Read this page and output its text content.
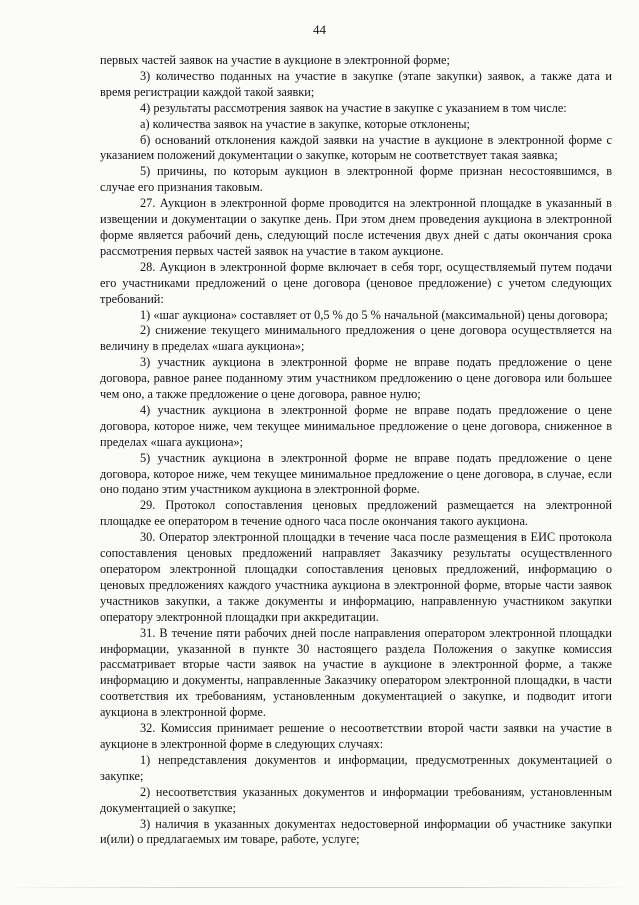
44

первых частей заявок на участие в аукционе в электронной форме;

3) количество поданных на участие в закупке (этапе закупки) заявок, а также дата и время регистрации каждой такой заявки;

4) результаты рассмотрения заявок на участие в закупке с указанием в том числе:

а) количества заявок на участие в закупке, которые отклонены;

б) оснований отклонения каждой заявки на участие в аукционе в электронной форме с указанием положений документации о закупке, которым не соответствует такая заявка;

5) причины, по которым аукцион в электронной форме признан несостоявшимся, в случае его признания таковым.

27. Аукцион в электронной форме проводится на электронной площадке в указанный в извещении и документации о закупке день. При этом днем проведения аукциона в электронной форме является рабочий день, следующий после истечения двух дней с даты окончания срока рассмотрения первых частей заявок на участие в таком аукционе.

28. Аукцион в электронной форме включает в себя торг, осуществляемый путем подачи его участниками предложений о цене договора (ценовое предложение) с учетом следующих требований:

1) «шаг аукциона» составляет от 0,5 % до 5 % начальной (максимальной) цены договора;

2) снижение текущего минимального предложения о цене договора осуществляется на величину в пределах «шага аукциона»;

3) участник аукциона в электронной форме не вправе подать предложение о цене договора, равное ранее поданному этим участником предложению о цене договора или большее чем оно, а также предложение о цене договора, равное нулю;

4) участник аукциона в электронной форме не вправе подать предложение о цене договора, которое ниже, чем текущее минимальное предложение о цене договора, сниженное в пределах «шага аукциона»;

5) участник аукциона в электронной форме не вправе подать предложение о цене договора, которое ниже, чем текущее минимальное предложение о цене договора, в случае, если оно подано этим участником аукциона в электронной форме.

29. Протокол сопоставления ценовых предложений размещается на электронной площадке ее оператором в течение одного часа после окончания такого аукциона.

30. Оператор электронной площадки в течение часа после размещения в ЕИС протокола сопоставления ценовых предложений направляет Заказчику результаты осуществленного оператором электронной площадки сопоставления ценовых предложений, информацию о ценовых предложениях каждого участника аукциона в электронной форме, вторые части заявок участников закупки, а также документы и информацию, направленную участником закупки оператору электронной площадки при аккредитации.

31. В течение пяти рабочих дней после направления оператором электронной площадки информации, указанной в пункте 30 настоящего раздела Положения о закупке комиссия рассматривает вторые части заявок на участие в аукционе в электронной форме, а также информацию и документы, направленные Заказчику оператором электронной площадки, в части соответствия их требованиям, установленным документацией о закупке, и подводит итоги аукциона в электронной форме.

32. Комиссия принимает решение о несоответствии второй части заявки на участие в аукционе в электронной форме в следующих случаях:

1) непредставления документов и информации, предусмотренных документацией о закупке;

2) несоответствия указанных документов и информации требованиям, установленным документацией о закупке;

3) наличия в указанных документах недостоверной информации об участнике закупки и(или) о предлагаемых им товаре, работе, услуге;
